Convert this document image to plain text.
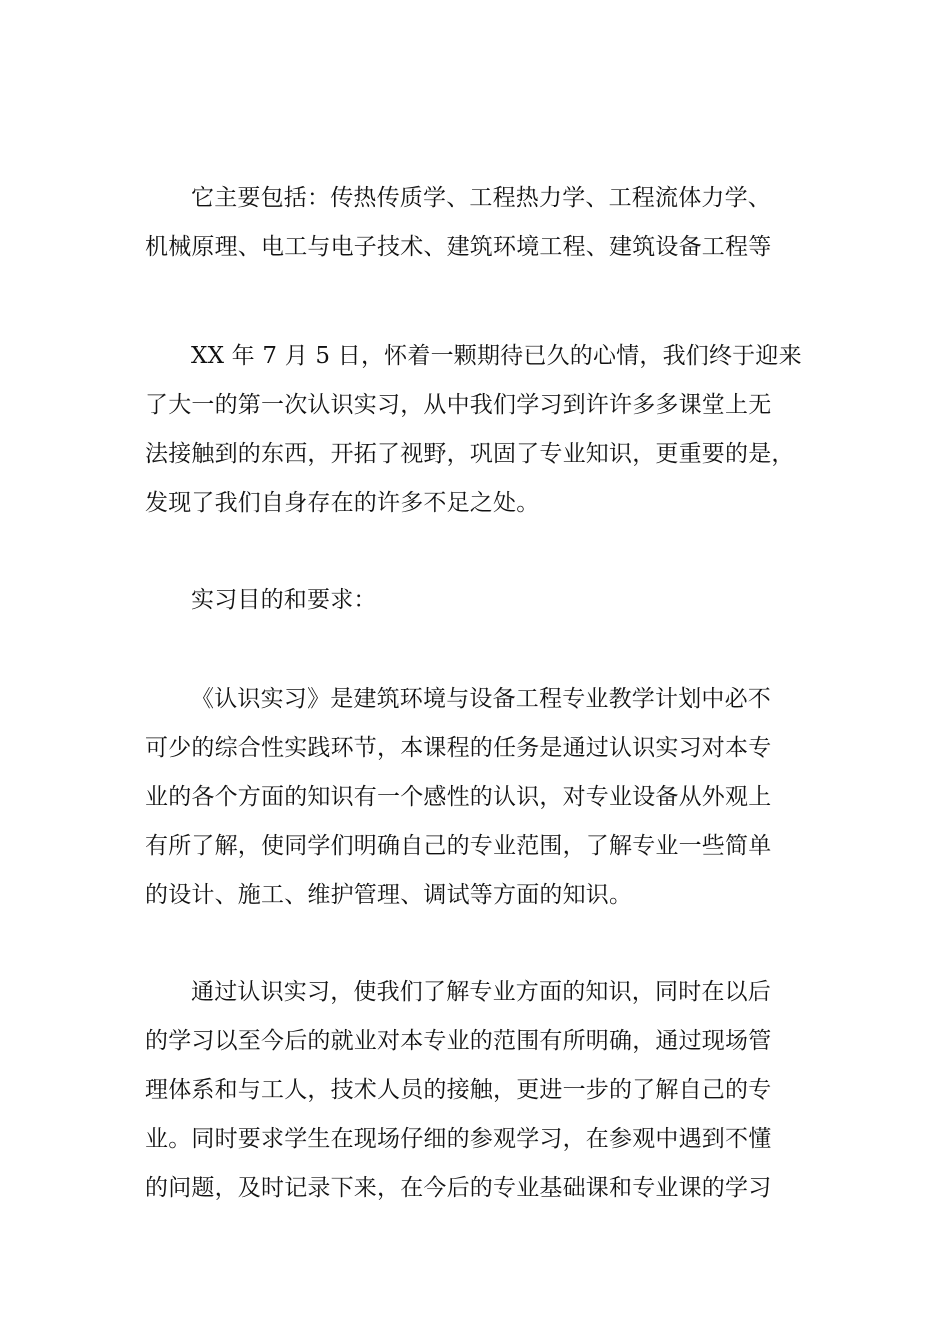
它主要包括：传热传质学、工程热力学、工程流体力学、
机械原理、电工与电子技术、建筑环境工程、建筑设备工程等
XX 年 7 月 5 日，怀着一颗期待已久的心情，我们终于迎来
了大一的第一次认识实习，从中我们学习到许许多多课堂上无
法接触到的东西，开拓了视野，巩固了专业知识，更重要的是，
发现了我们自身存在的许多不足之处。
实习目的和要求：
《认识实习》是建筑环境与设备工程专业教学计划中必不
可少的综合性实践环节，本课程的任务是通过认识实习对本专
业的各个方面的知识有一个感性的认识，对专业设备从外观上
有所了解，使同学们明确自己的专业范围，了解专业一些简单
的设计、施工、维护管理、调试等方面的知识。
通过认识实习，使我们了解专业方面的知识，同时在以后
的学习以至今后的就业对本专业的范围有所明确，通过现场管
理体系和与工人，技术人员的接触，更进一步的了解自己的专
业。同时要求学生在现场仔细的参观学习，在参观中遇到不懂
的问题，及时记录下来，在今后的专业基础课和专业课的学习
